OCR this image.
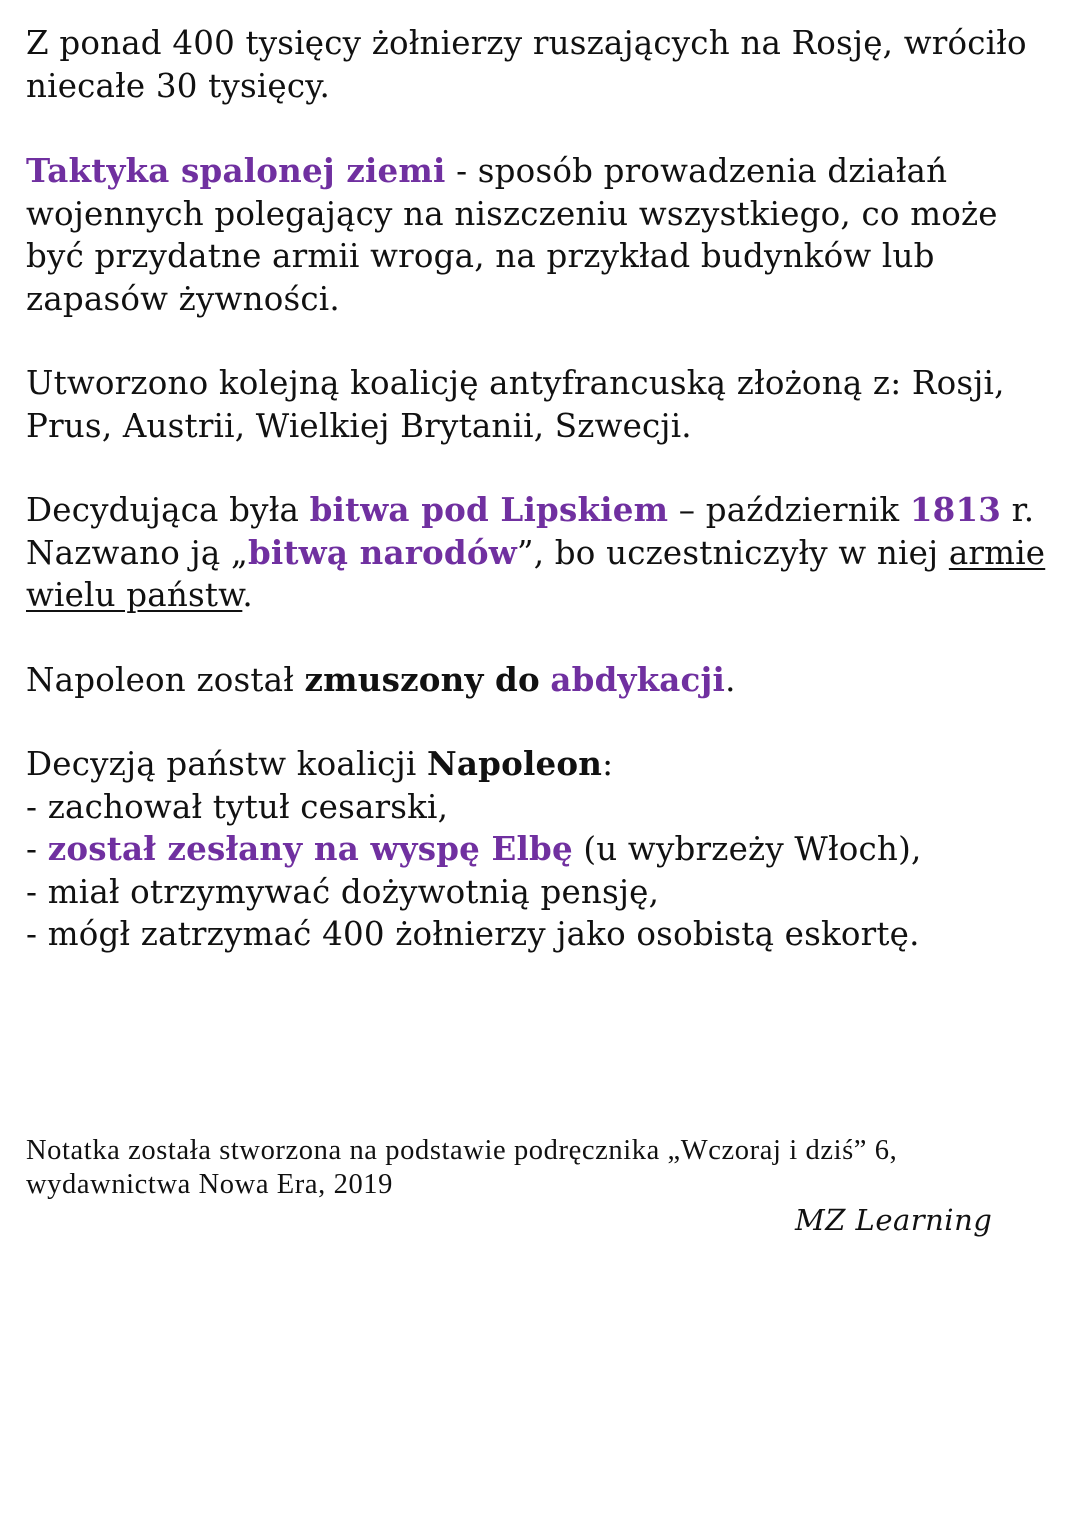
Z ponad 400 tysięcy żołnierzy ruszających na Rosję, wróciło niecałe 30 tysięcy.

Taktyka spalonej ziemi - sposób prowadzenia działań wojennych polegający na niszczeniu wszystkiego, co może być przydatne armii wroga, na przykład budynków lub zapasów żywności.

Utworzono kolejną koalicję antyfrancuską złożoną z: Rosji, Prus, Austrii, Wielkiej Brytanii, Szwecji.

Decydująca była bitwa pod Lipskiem – październik 1813 r. Nazwano ją „bitwą narodów”, bo uczestniczyły w niej armie wielu państw.

Napoleon został zmuszony do abdykacji.

Decyzją państw koalicji Napoleon:
- zachował tytuł cesarski,
- został zesłany na wyspę Elbę (u wybrzeży Włoch),
- miał otrzymywać dożywotnią pensję,
- mógł zatrzymać 400 żołnierzy jako osobistą eskortę.
Notatka została stworzona na podstawie podręcznika „Wczoraj i dziś” 6, wydawnictwa Nowa Era, 2019
MZ Learning
